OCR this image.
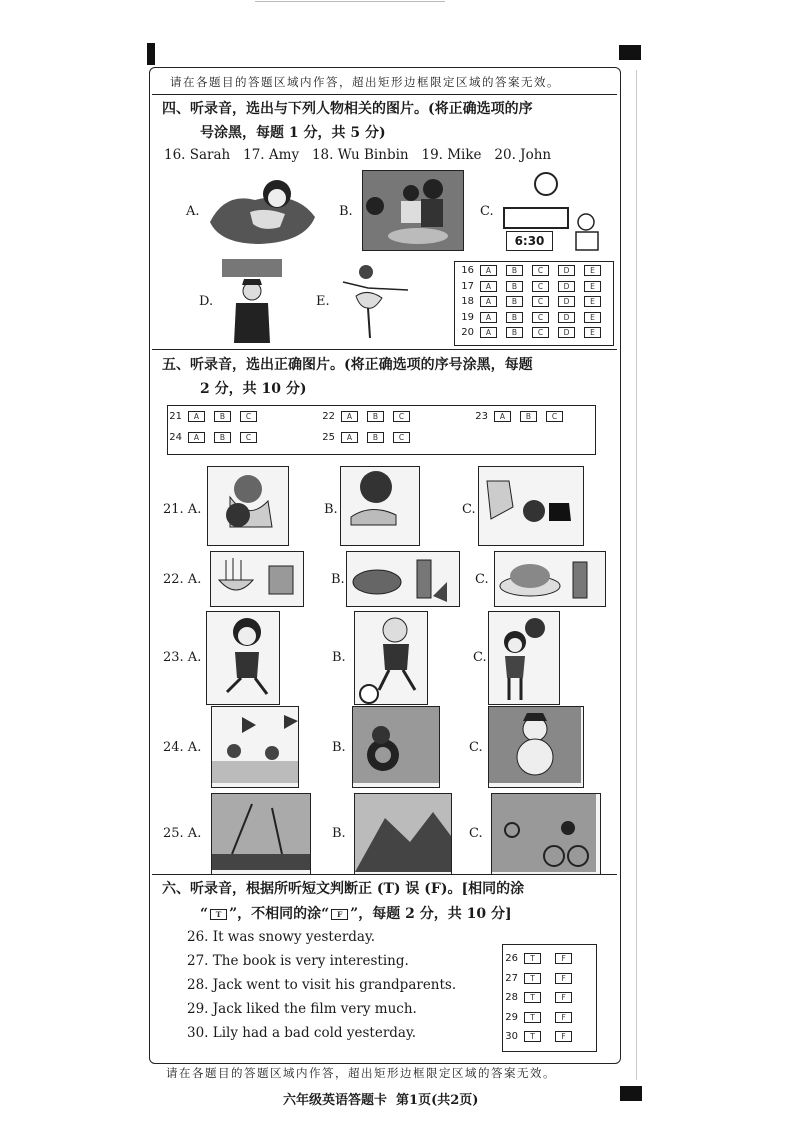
请在各题目的答题区域内作答，超出矩形边框限定区域的答案无效。
四、听录音，选出与下列人物相关的图片。(将正确选项的序
号涂黑，每题 1 分，共 5 分)
16. Sarah   17. Amy   18. Wu Binbin   19. Mike   20. John
A.	B.	C.
6:30
D.	E.
16	A	B	C	D	E
17	A	B	C	D	E
18	A	B	C	D	E
19	A	B	C	D	E
20	A	B	C	D	E
五、听录音，选出正确图片。(将正确选项的序号涂黑，每题
2 分，共 10 分)
21	A	B	C	22	A	B	C	23	A	B	C
24	A	B	C	25	A	B	C
21. A.	B.	C.
22. A.	B.	C.
23. A.	B.	C.
24. A.	B.	C.
25. A.	B.	C.
六、听录音，根据所听短文判断正 (T) 误 (F)。[相同的涂
“	T ”，不相同的涂“	F ”，每题 2 分，共 10 分]
26. It was snowy yesterday.
27. The book is very interesting.
28. Jack went to visit his grandparents.
29. Jack liked the film very much.
30. Lily had a bad cold yesterday.
26	T	F
27	T	F
28	T	F
29	T	F
30	T	F
请在各题目的答题区域内作答，超出矩形边框限定区域的答案无效。
六年级英语答题卡  第1页(共2页)
